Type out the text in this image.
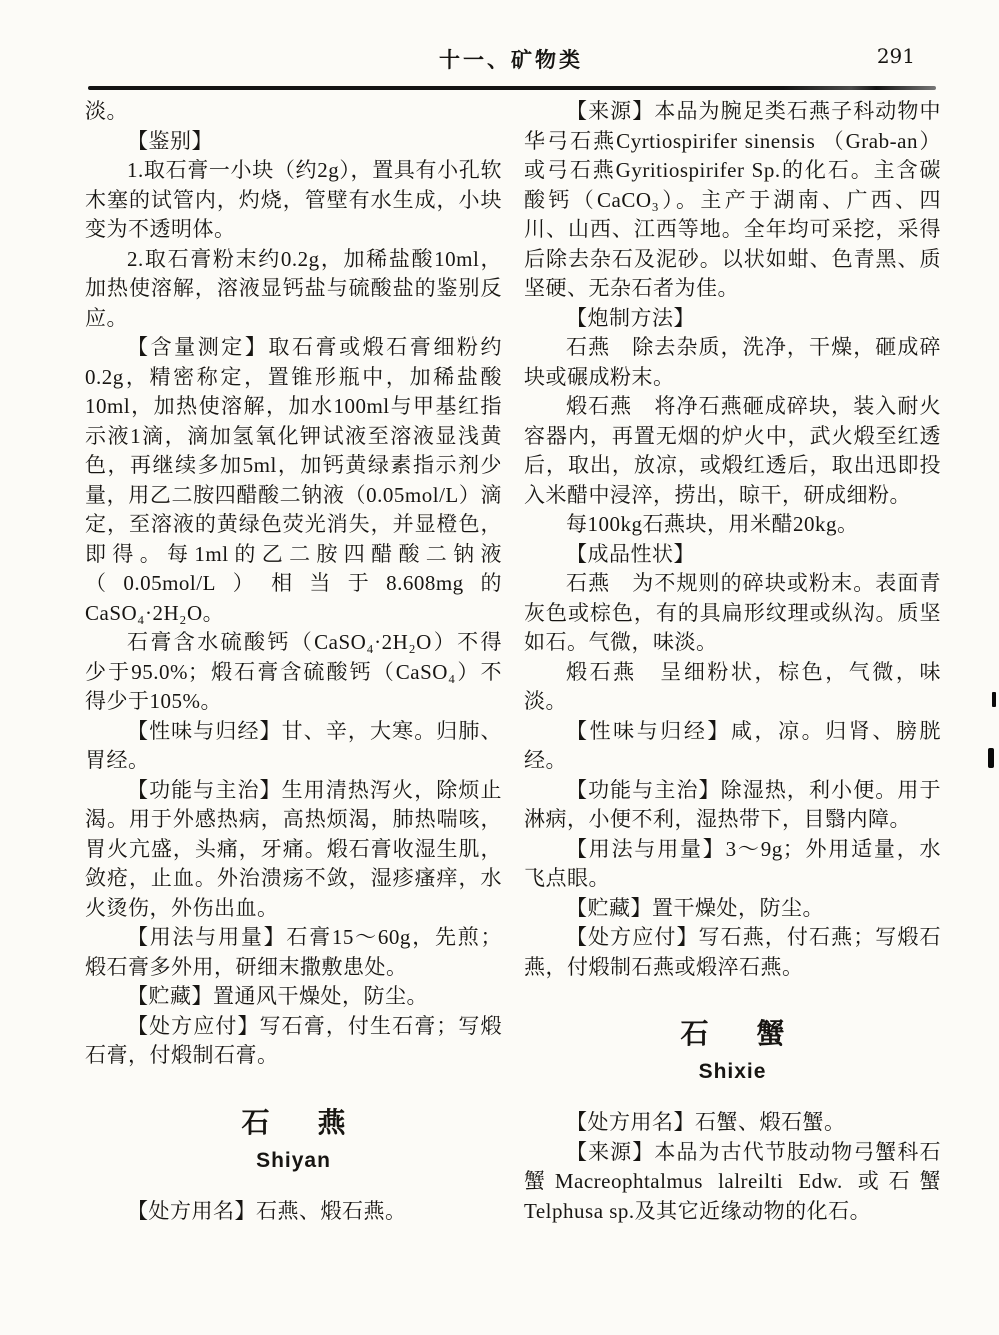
十一、矿物类	291

淡。

【鉴别】

1.取石膏一小块（约2g），置具有小孔软木塞的试管内，灼烧，管壁有水生成，小块变为不透明体。

2.取石膏粉末约0.2g，加稀盐酸10ml，加热使溶解，溶液显钙盐与硫酸盐的鉴别反应。

【含量测定】取石膏或煅石膏细粉约0.2g，精密称定，置锥形瓶中，加稀盐酸10ml，加热使溶解，加水100ml与甲基红指示液1滴，滴加氢氧化钾试液至溶液显浅黄色，再继续多加5ml，加钙黄绿素指示剂少量，用乙二胺四醋酸二钠液（0.05mol/L）滴定，至溶液的黄绿色荧光消失，并显橙色，即得。每1ml的乙二胺四醋酸二钠液（0.05mol/L）相当于8.608mg的CaSO₄·2H₂O。

石膏含水硫酸钙（CaSO₄·2H₂O）不得少于95.0%；煅石膏含硫酸钙（CaSO₄）不得少于105%。

【性味与归经】甘、辛，大寒。归肺、胃经。

【功能与主治】生用清热泻火，除烦止渴。用于外感热病，高热烦渴，肺热喘咳，胃火亢盛，头痛，牙痛。煅石膏收湿生肌，敛疮，止血。外治溃疡不敛，湿疹瘙痒，水火烫伤，外伤出血。

【用法与用量】石膏15～60g，先煎；煅石膏多外用，研细末撒敷患处。

【贮藏】置通风干燥处，防尘。

【处方应付】写石膏，付生石膏；写煅石膏，付煅制石膏。

石　燕
Shiyan

【处方用名】石燕、煅石燕。

【来源】本品为腕足类石燕子科动物中华弓石燕Cyrtiospirifer sinensis （Grab-an）或弓石燕Gyritiospirifer Sp.的化石。主含碳酸钙（CaCO₃）。主产于湖南、广西、四川、山西、江西等地。全年均可采挖，采得后除去杂石及泥砂。以状如蚶、色青黑、质坚硬、无杂石者为佳。

【炮制方法】

石燕　除去杂质，洗净，干燥，砸成碎块或碾成粉末。

煅石燕　将净石燕砸成碎块，装入耐火容器内，再置无烟的炉火中，武火煅至红透后，取出，放凉，或煅红透后，取出迅即投入米醋中浸淬，捞出，晾干，研成细粉。

每100kg石燕块，用米醋20kg。

【成品性状】

石燕　为不规则的碎块或粉末。表面青灰色或棕色，有的具扁形纹理或纵沟。质坚如石。气微，味淡。

煅石燕　呈细粉状，棕色，气微，味淡。

【性味与归经】咸，凉。归肾、膀胱经。

【功能与主治】除湿热，利小便。用于淋病，小便不利，湿热带下，目翳内障。

【用法与用量】3～9g；外用适量，水飞点眼。

【贮藏】置干燥处，防尘。

【处方应付】写石燕，付石燕；写煅石燕，付煅制石燕或煅淬石燕。

石　蟹
Shixie

【处方用名】石蟹、煅石蟹。

【来源】本品为古代节肢动物弓蟹科石蟹Macreophtalmus lalreilti Edw. 或石蟹Telphusa sp.及其它近缘动物的化石。
